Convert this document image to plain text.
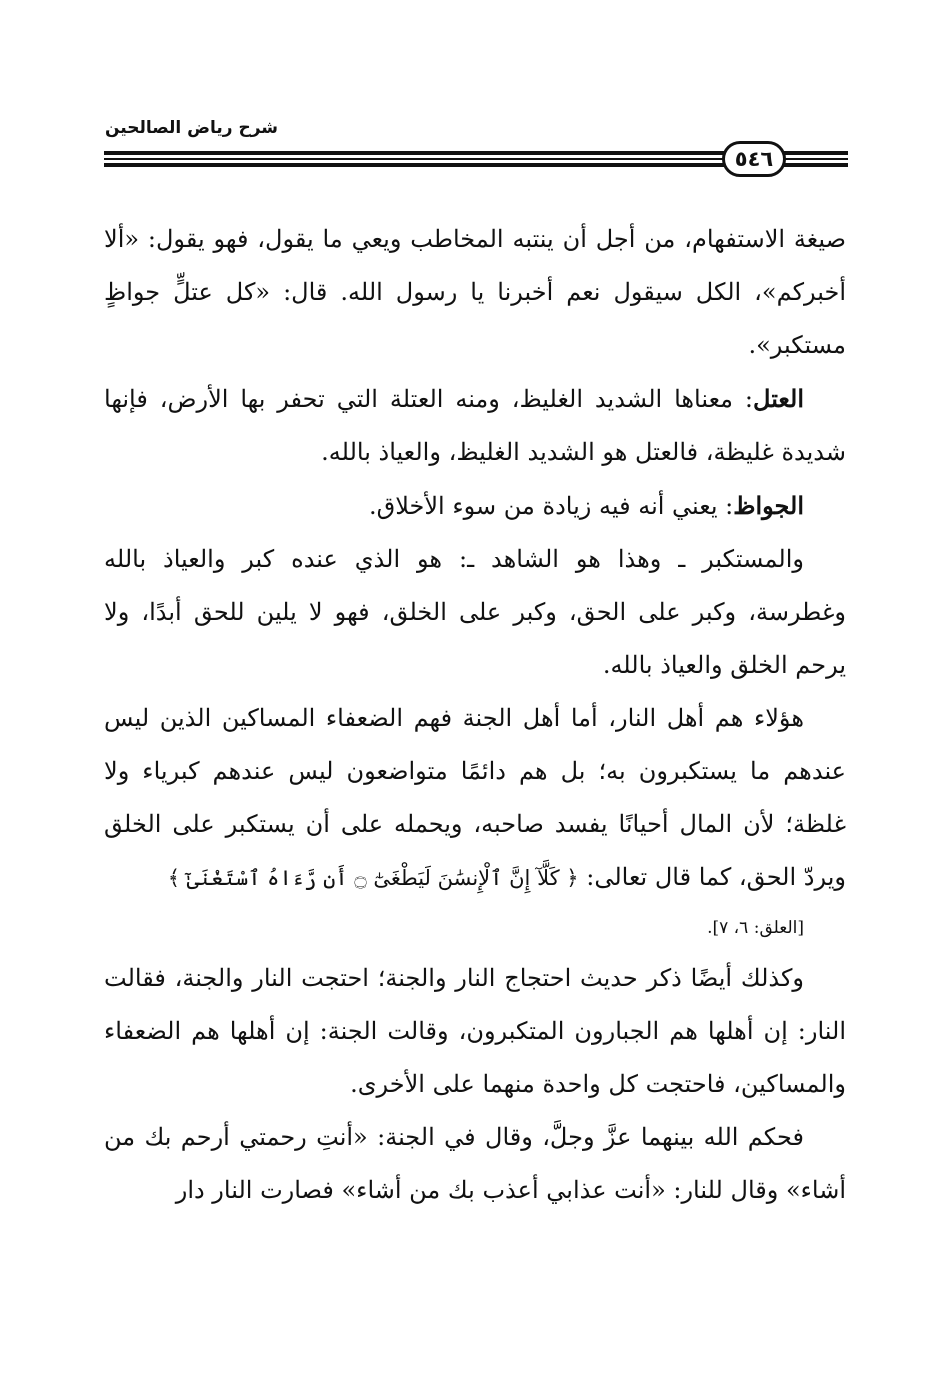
شرح رياض الصالحين
٥٤٦

صيغة الاستفهام، من أجل أن ينتبه المخاطب ويعي ما يقول، فهو يقول: «ألا أخبركم»، الكل سيقول نعم أخبرنا يا رسول الله. قال: «كل عتلٍّ جواظٍ مستكبر».

العتل: معناها الشديد الغليظ، ومنه العتلة التي تحفر بها الأرض، فإنها شديدة غليظة، فالعتل هو الشديد الغليظ، والعياذ بالله.

الجواظ: يعني أنه فيه زيادة من سوء الأخلاق.

والمستكبر ـ وهذا هو الشاهد ـ: هو الذي عنده كبر والعياذ بالله وغطرسة، وكبر على الحق، وكبر على الخلق، فهو لا يلين للحق أبدًا، ولا يرحم الخلق والعياذ بالله.

هؤلاء هم أهل النار، أما أهل الجنة فهم الضعفاء المساكين الذين ليس عندهم ما يستكبرون به؛ بل هم دائمًا متواضعون ليس عندهم كبرياء ولا غلظة؛ لأن المال أحيانًا يفسد صاحبه، ويحمله على أن يستكبر على الخلق ويردّ الحق، كما قال تعالى: ﴿ كَلَّآ إِنَّ ٱلْإِنسَٰنَ لَيَطْغَىٰٓ ۝ أَن رَّءَاهُ ٱسْتَغْنَىٰٓ ﴾
[العلق: ٦، ٧].

وكذلك أيضًا ذكر حديث احتجاج النار والجنة؛ احتجت النار والجنة، فقالت النار: إن أهلها هم الجبارون المتكبرون، وقالت الجنة: إن أهلها هم الضعفاء والمساكين، فاحتجت كل واحدة منهما على الأخرى.

فحكم الله بينهما عزَّ وجلَّ، وقال في الجنة: «أنتِ رحمتي أرحم بك من أشاء» وقال للنار: «أنت عذابي أعذب بك من أشاء» فصارت النار دار
